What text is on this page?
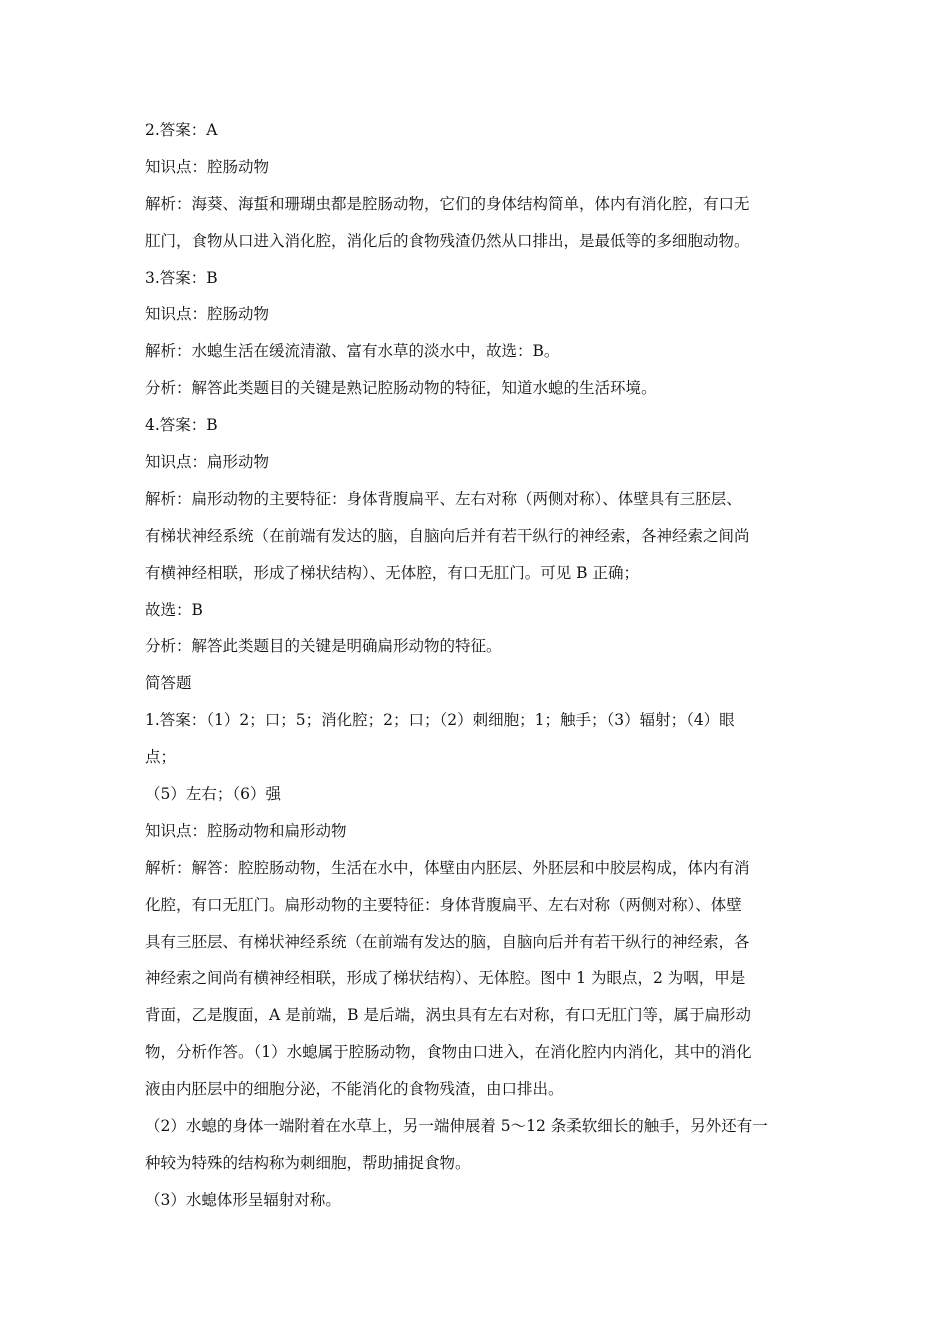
2.答案：A
知识点：腔肠动物
解析：海葵、海蜇和珊瑚虫都是腔肠动物，它们的身体结构简单，体内有消化腔，有口无
肛门，食物从口进入消化腔，消化后的食物残渣仍然从口排出，是最低等的多细胞动物。
3.答案：B
知识点：腔肠动物
解析：水螅生活在缓流清澈、富有水草的淡水中，故选：B。
分析：解答此类题目的关键是熟记腔肠动物的特征，知道水螅的生活环境。
4.答案：B
知识点：扁形动物
解析：扁形动物的主要特征：身体背腹扁平、左右对称（两侧对称）、体壁具有三胚层、
有梯状神经系统（在前端有发达的脑，自脑向后并有若干纵行的神经索，各神经索之间尚
有横神经相联，形成了梯状结构）、无体腔，有口无肛门。可见 B 正确；
故选：B
分析：解答此类题目的关键是明确扁形动物的特征。
简答题
1.答案：（1）2；口；5；消化腔；2；口；（2）刺细胞；1；触手；（3）辐射；（4）眼
点；
（5）左右；（6）强
知识点：腔肠动物和扁形动物
解析：解答：腔腔肠动物，生活在水中，体壁由内胚层、外胚层和中胶层构成，体内有消
化腔，有口无肛门。扁形动物的主要特征：身体背腹扁平、左右对称（两侧对称）、体壁
具有三胚层、有梯状神经系统（在前端有发达的脑，自脑向后并有若干纵行的神经索，各
神经索之间尚有横神经相联，形成了梯状结构）、无体腔。图中 1 为眼点，2 为咽，甲是
背面，乙是腹面，A 是前端，B 是后端，涡虫具有左右对称，有口无肛门等，属于扁形动
物，分析作答。（1）水螅属于腔肠动物，食物由口进入，在消化腔内内消化，其中的消化
液由内胚层中的细胞分泌，不能消化的食物残渣，由口排出。
（2）水螅的身体一端附着在水草上，另一端伸展着 5～12 条柔软细长的触手，另外还有一
种较为特殊的结构称为刺细胞，帮助捕捉食物。
（3）水螅体形呈辐射对称。
